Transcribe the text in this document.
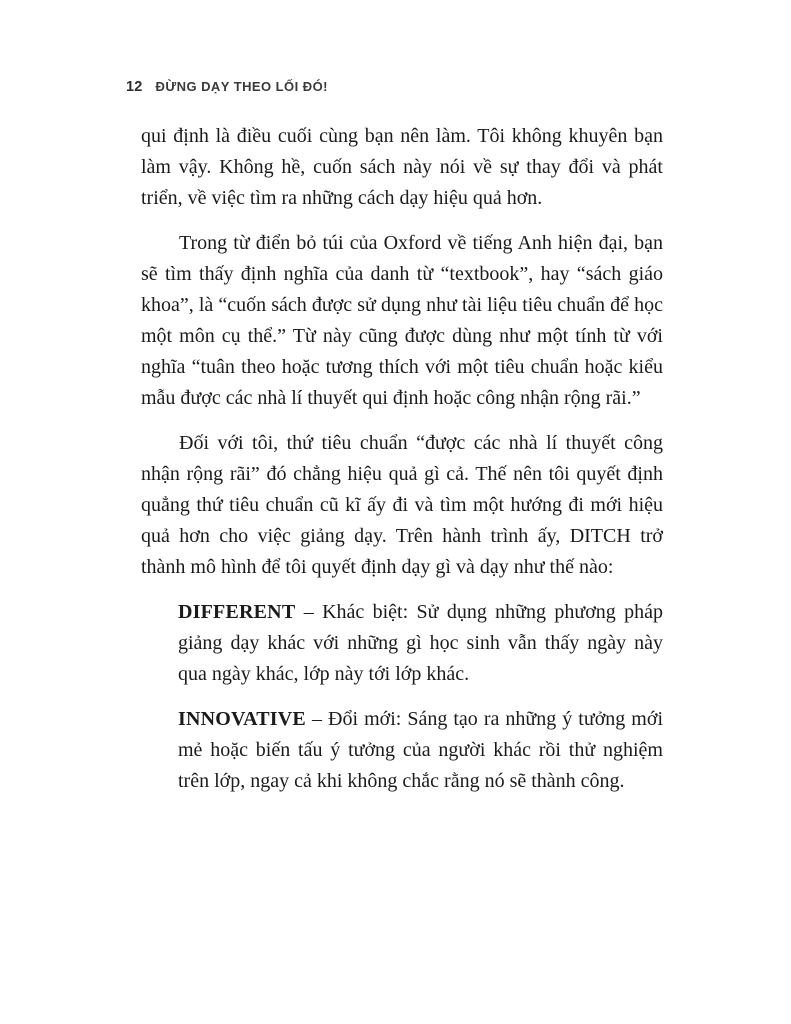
12 ĐỪNG DẠY THEO LỐI ĐÓ!

qui định là điều cuối cùng bạn nên làm. Tôi không khuyên bạn làm vậy. Không hề, cuốn sách này nói về sự thay đổi và phát triển, về việc tìm ra những cách dạy hiệu quả hơn.

Trong từ điển bỏ túi của Oxford về tiếng Anh hiện đại, bạn sẽ tìm thấy định nghĩa của danh từ “textbook”, hay “sách giáo khoa”, là “cuốn sách được sử dụng như tài liệu tiêu chuẩn để học một môn cụ thể.” Từ này cũng được dùng như một tính từ với nghĩa “tuân theo hoặc tương thích với một tiêu chuẩn hoặc kiểu mẫu được các nhà lí thuyết qui định hoặc công nhận rộng rãi.”

Đối với tôi, thứ tiêu chuẩn “được các nhà lí thuyết công nhận rộng rãi” đó chẳng hiệu quả gì cả. Thế nên tôi quyết định quẳng thứ tiêu chuẩn cũ kĩ ấy đi và tìm một hướng đi mới hiệu quả hơn cho việc giảng dạy. Trên hành trình ấy, DITCH trở thành mô hình để tôi quyết định dạy gì và dạy như thế nào:

DIFFERENT – Khác biệt: Sử dụng những phương pháp giảng dạy khác với những gì học sinh vẫn thấy ngày này qua ngày khác, lớp này tới lớp khác.

INNOVATIVE – Đổi mới: Sáng tạo ra những ý tưởng mới mẻ hoặc biến tấu ý tưởng của người khác rồi thử nghiệm trên lớp, ngay cả khi không chắc rằng nó sẽ thành công.
